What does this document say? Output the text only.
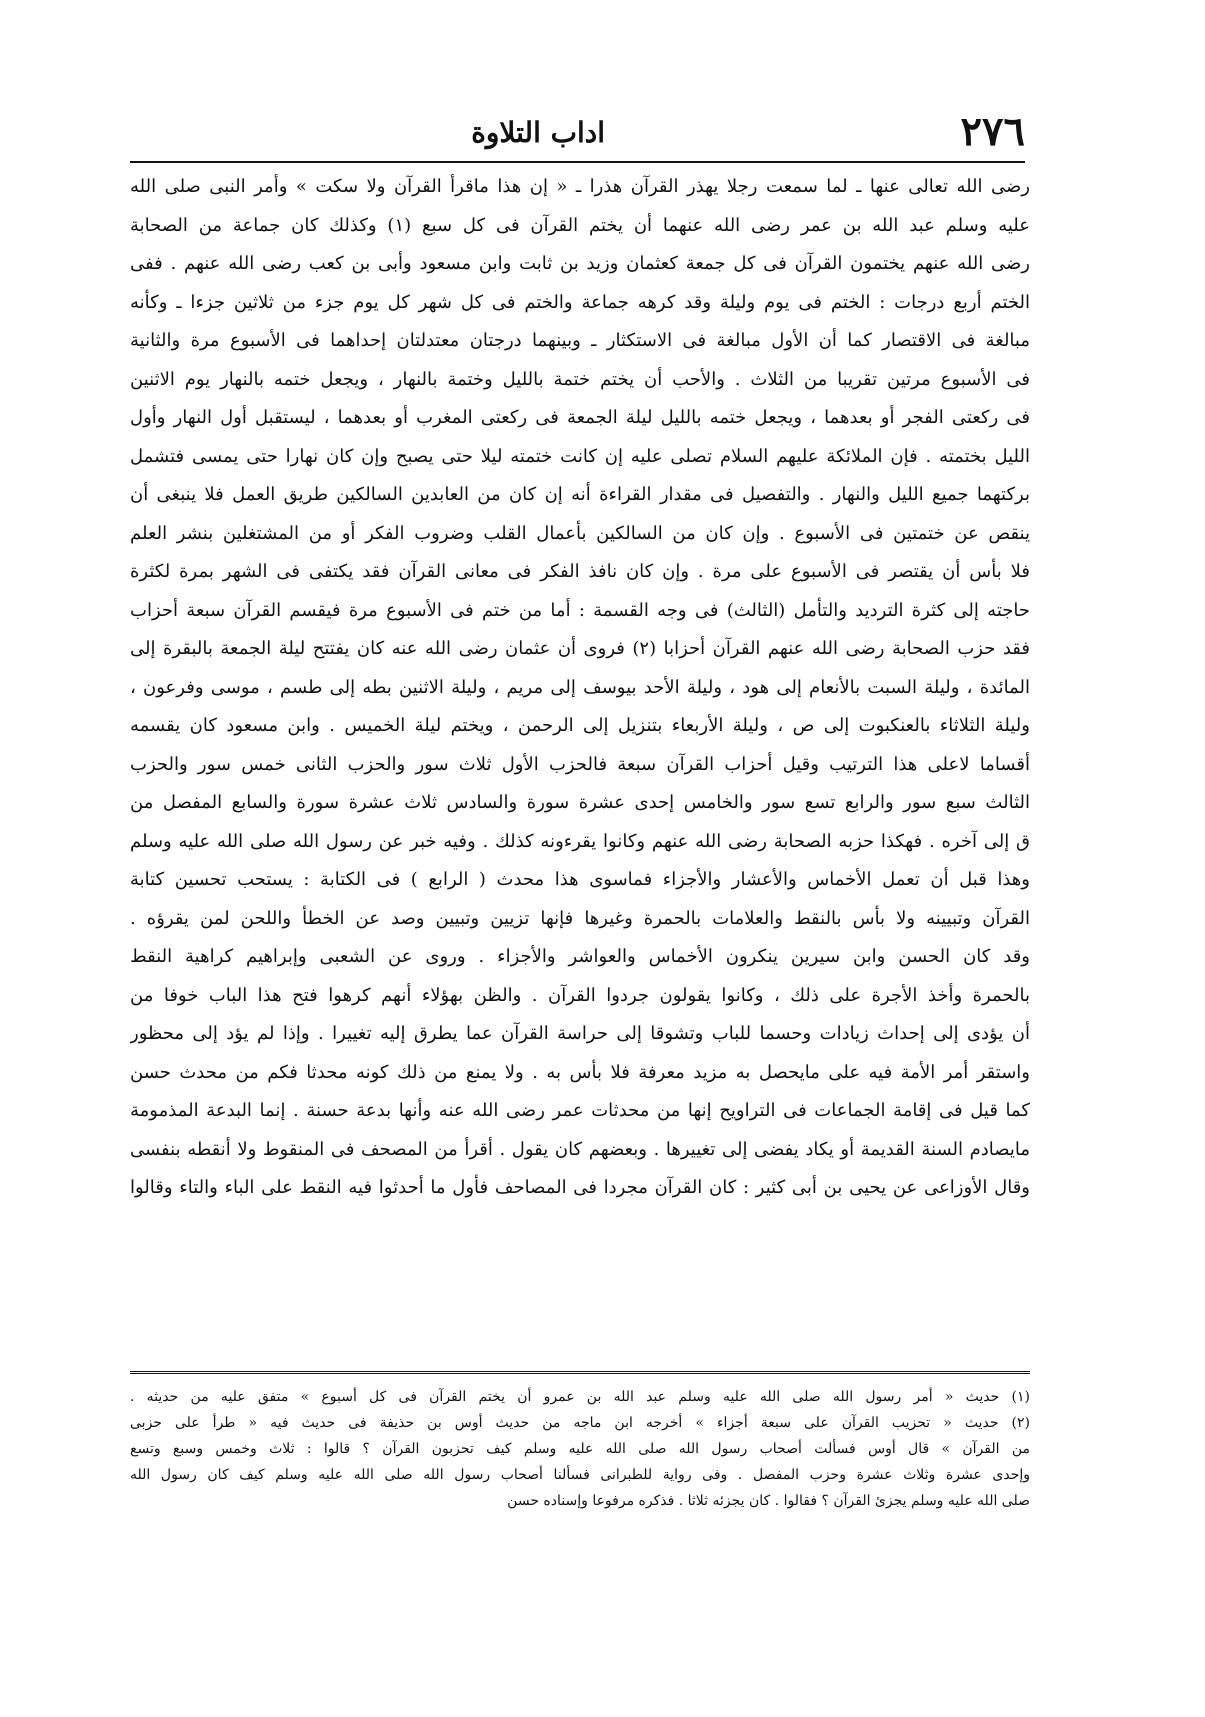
٢٧٦
اداب التلاوة
رضى الله تعالى عنها ـ لما سمعت رجلا يهذر القرآن هذرا ـ « إن هذا ماقرأ القرآن ولا سكت » وأمر النبى صلى الله
عليه وسلم عبد الله بن عمر رضى الله عنهما أن يختم القرآن فى كل سبع (١) وكذلك كان جماعة من الصحابة
رضى الله عنهم يختمون القرآن فى كل جمعة كعثمان وزيد بن ثابت وابن مسعود وأبى بن كعب رضى الله عنهم . ففى
الختم أربع درجات : الختم فى يوم وليلة وقد كرهه جماعة والختم فى كل شهر كل يوم جزء من ثلاثين جزءا ـ وكأنه
مبالغة فى الاقتصار كما أن الأول مبالغة فى الاستكثار ـ وبينهما درجتان معتدلتان إحداهما فى الأسبوع مرة والثانية
فى الأسبوع مرتين تقريبا من الثلاث . والأحب أن يختم ختمة بالليل وختمة بالنهار ، ويجعل ختمه بالنهار يوم الاثنين
فى ركعتى الفجر أو بعدهما ، ويجعل ختمه بالليل ليلة الجمعة فى ركعتى المغرب أو بعدهما ، ليستقبل أول النهار وأول
الليل بختمته . فإن الملائكة عليهم السلام تصلى عليه إن كانت ختمته ليلا حتى يصبح وإن كان نهارا حتى يمسى فتشمل
بركتهما جميع الليل والنهار . والتفصيل فى مقدار القراءة أنه إن كان من العابدين السالكين طريق العمل فلا ينبغى أن
ينقص عن ختمتين فى الأسبوع . وإن كان من السالكين بأعمال القلب وضروب الفكر أو من المشتغلين بنشر العلم
فلا بأس أن يقتصر فى الأسبوع على مرة . وإن كان نافذ الفكر فى معانى القرآن فقد يكتفى فى الشهر بمرة لكثرة
حاجته إلى كثرة الترديد والتأمل (الثالث) فى وجه القسمة : أما من ختم فى الأسبوع مرة فيقسم القرآن سبعة أحزاب
فقد حزب الصحابة رضى الله عنهم القرآن أحزابا (٢) فروى أن عثمان رضى الله عنه كان يفتتح ليلة الجمعة بالبقرة إلى
المائدة ، وليلة السبت بالأنعام إلى هود ، وليلة الأحد بيوسف إلى مريم ، وليلة الاثنين بطه إلى طسم ، موسى وفرعون ،
وليلة الثلاثاء بالعنكبوت إلى ص ، وليلة الأربعاء بتنزيل إلى الرحمن ، ويختم ليلة الخميس . وابن مسعود كان يقسمه
أقساما لاعلى هذا الترتيب وقيل أحزاب القرآن سبعة فالحزب الأول ثلاث سور والحزب الثانى خمس سور والحزب
الثالث سبع سور والرابع تسع سور والخامس إحدى عشرة سورة والسادس ثلاث عشرة سورة والسابع المفصل من
ق إلى آخره . فهكذا حزبه الصحابة رضى الله عنهم وكانوا يقرءونه كذلك . وفيه خبر عن رسول الله صلى الله عليه وسلم
وهذا قبل أن تعمل الأخماس والأعشار والأجزاء فماسوى هذا محدث ( الرابع ) فى الكتابة : يستحب تحسين كتابة
القرآن وتبيينه ولا بأس بالنقط والعلامات بالحمرة وغيرها فإنها تزيين وتبيين وصد عن الخطأ واللحن لمن يقرؤه .
وقد كان الحسن وابن سيرين ينكرون الأخماس والعواشر والأجزاء . وروى عن الشعبى وإبراهيم كراهية النقط
بالحمرة وأخذ الأجرة على ذلك ، وكانوا يقولون جردوا القرآن . والظن بهؤلاء أنهم كرهوا فتح هذا الباب خوفا من
أن يؤدى إلى إحداث زيادات وحسما للباب وتشوقا إلى حراسة القرآن عما يطرق إليه تغييرا . وإذا لم يؤد إلى محظور
واستقر أمر الأمة فيه على مايحصل به مزيد معرفة فلا بأس به . ولا يمنع من ذلك كونه محدثا فكم من محدث حسن
كما قيل فى إقامة الجماعات فى التراويح إنها من محدثات عمر رضى الله عنه وأنها بدعة حسنة . إنما البدعة المذمومة
مايصادم السنة القديمة أو يكاد يفضى إلى تغييرها . وبعضهم كان يقول . أقرأ من المصحف فى المنقوط ولا أنقطه بنفسى
وقال الأوزاعى عن يحيى بن أبى كثير : كان القرآن مجردا فى المصاحف فأول ما أحدثوا فيه النقط على الباء والتاء وقالوا
(١) حديث « أمر رسول الله صلى الله عليه وسلم عبد الله بن عمرو أن يختم القرآن فى كل أسبوع » متفق عليه من حديثه .
(٢) حديث « تحزيب القرآن على سبعة أجزاء » أخرجه ابن ماجه من حديث أوس بن حذيفة فى حديث فيه « طرأ على حزبى
من القرآن » قال أوس فسألت أصحاب رسول الله صلى الله عليه وسلم كيف تحزبون القرآن ؟ قالوا : ثلاث وخمس وسبع وتسع
وإحدى عشرة وثلاث عشرة وحزب المفصل . وفى رواية للطبرانى فسألنا أصحاب رسول الله صلى الله عليه وسلم كيف كان رسول الله
صلى الله عليه وسلم يجزئ القرآن ؟ فقالوا . كان يجزئه ثلاثا . فذكره مرفوعا وإسناده حسن
